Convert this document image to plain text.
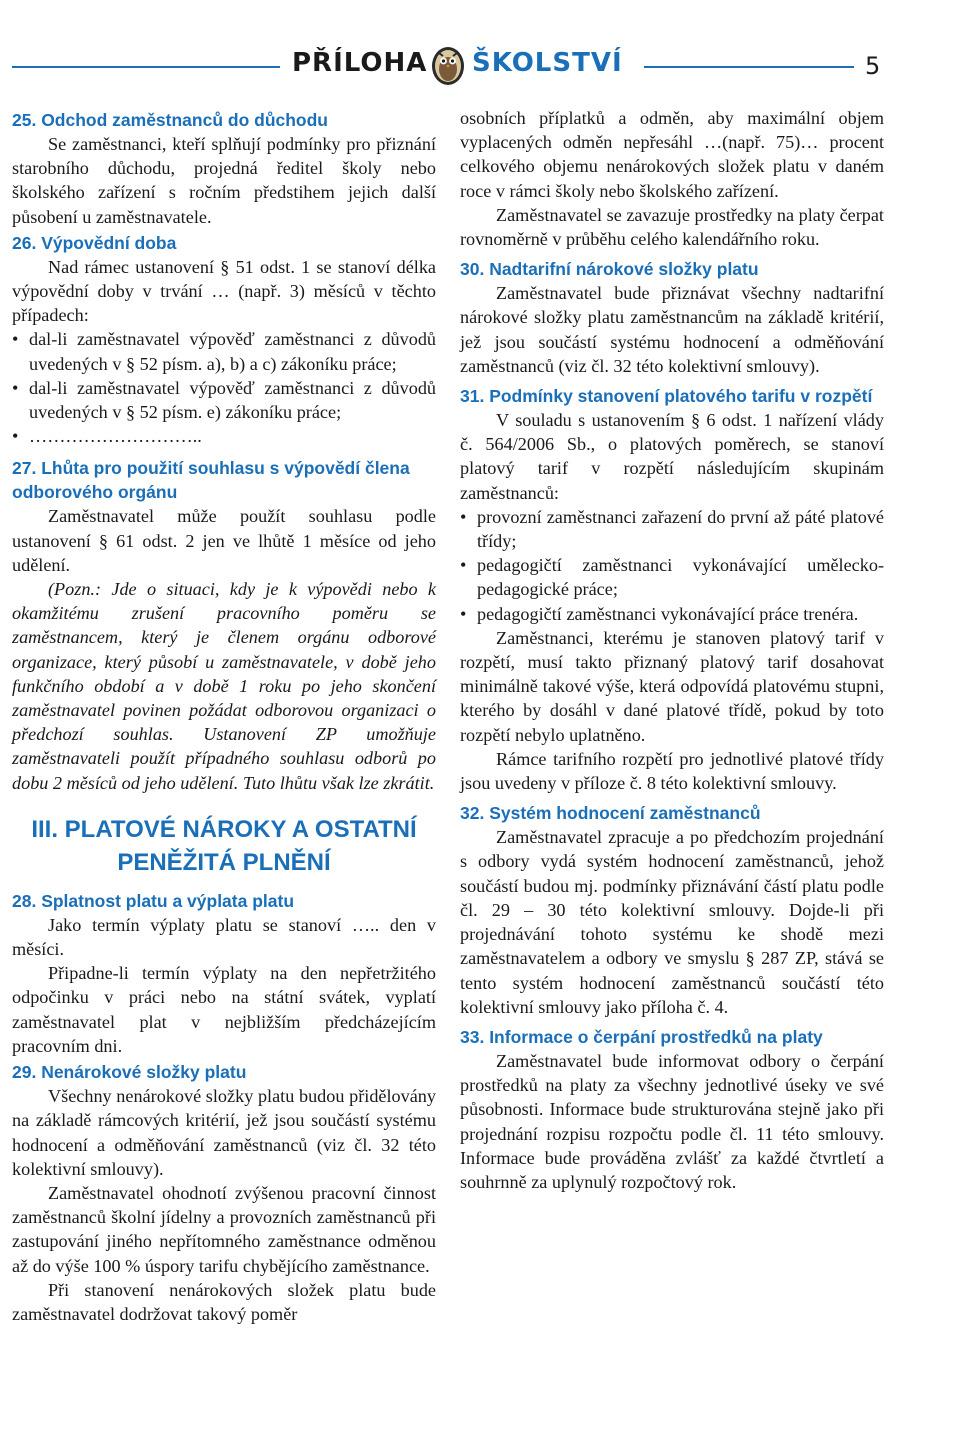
PŘÍLOHA ŠKOLSTVÍ	5
25. Odchod zaměstnanců do důchodu

Se zaměstnanci, kteří splňují podmínky pro přiznání starobního důchodu, projedná ředitel školy nebo školského zařízení s ročním předstihem jejich další působení u zaměstnavatele.

26. Výpovědní doba

Nad rámec ustanovení § 51 odst. 1 se stanoví délka výpovědní doby v trvání … (např. 3) měsíců v těchto případech:

• dal-li zaměstnavatel výpověď zaměstnanci z důvodů uvedených v § 52 písm. a), b) a c) zákoníku práce;
• dal-li zaměstnavatel výpověď zaměstnanci z důvodů uvedených v § 52 písm. e) zákoníku práce;
• ………………………..
27. Lhůta pro použití souhlasu s výpovědí člena odborového orgánu

Zaměstnavatel může použít souhlasu podle ustanovení § 61 odst. 2 jen ve lhůtě 1 měsíce od jeho udělení.

(Pozn.: Jde o situaci, kdy je k výpovědi nebo k okamžitému zrušení pracovního poměru se zaměstnancem, který je členem orgánu odborové organizace, který působí u zaměstnavatele, v době jeho funkčního období a v době 1 roku po jeho skončení zaměstnavatel povinen požádat odborovou organizaci o předchozí souhlas. Ustanovení ZP umožňuje zaměstnavateli použít případného souhlasu odborů po dobu 2 měsíců od jeho udělení. Tuto lhůtu však lze zkrátit.

III. PLATOVÉ NÁROKY A OSTATNÍ
PENĚŽITÁ PLNĚNÍ
28. Splatnost platu a výplata platu

Jako termín výplaty platu se stanoví ….. den v měsíci.

Připadne-li termín výplaty na den nepřetržitého odpočinku v práci nebo na státní svátek, vyplatí zaměstnavatel plat v nejbližším předcházejícím pracovním dni.

29. Nenárokové složky platu

Všechny nenárokové složky platu budou přidělovány na základě rámcových kritérií, jež jsou součástí systému hodnocení a odměňování zaměstnanců (viz čl. 32 této kolektivní smlouvy).

Zaměstnavatel ohodnotí zvýšenou pracovní činnost zaměstnanců školní jídelny a provozních zaměstnanců při zastupování jiného nepřítomného zaměstnance odměnou až do výše 100 % úspory tarifu chybějícího zaměstnance.

Při stanovení nenárokových složek platu bude zaměstnavatel dodržovat takový poměr

osobních příplatků a odměn, aby maximální objem vyplacených odměn nepřesáhl …(např. 75)… procent celkového objemu nenárokových složek platu v daném roce v rámci školy nebo školského zařízení.

Zaměstnavatel se zavazuje prostředky na platy čerpat rovnoměrně v průběhu celého kalendářního roku.

30. Nadtarifní nárokové složky platu

Zaměstnavatel bude přiznávat všechny nadtarifní nárokové složky platu zaměstnancům na základě kritérií, jež jsou součástí systému hodnocení a odměňování zaměstnanců (viz čl. 32 této kolektivní smlouvy).

31. Podmínky stanovení platového tarifu v rozpětí

V souladu s ustanovením § 6 odst. 1 nařízení vlády č. 564/2006 Sb., o platových poměrech, se stanoví platový tarif v rozpětí následujícím skupinám zaměstnanců:

• provozní zaměstnanci zařazení do první až páté platové třídy;
• pedagogičtí zaměstnanci vykonávající umělecko-pedagogické práce;
• pedagogičtí zaměstnanci vykonávající práce trenéra.

Zaměstnanci, kterému je stanoven platový tarif v rozpětí, musí takto přiznaný platový tarif dosahovat minimálně takové výše, která odpovídá platovému stupni, kterého by dosáhl v dané platové třídě, pokud by toto rozpětí nebylo uplatněno.

Rámce tarifního rozpětí pro jednotlivé platové třídy jsou uvedeny v příloze č. 8 této kolektivní smlouvy.

32. Systém hodnocení zaměstnanců

Zaměstnavatel zpracuje a po předchozím projednání s odbory vydá systém hodnocení zaměstnanců, jehož součástí budou mj. podmínky přiznávání částí platu podle čl. 29 – 30 této kolektivní smlouvy. Dojde-li při projednávání tohoto systému ke shodě mezi zaměstnavatelem a odbory ve smyslu § 287 ZP, stává se tento systém hodnocení zaměstnanců součástí této kolektivní smlouvy jako příloha č. 4.

33. Informace o čerpání prostředků na platy

Zaměstnavatel bude informovat odbory o čerpání prostředků na platy za všechny jednotlivé úseky ve své působnosti. Informace bude strukturována stejně jako při projednání rozpisu rozpočtu podle čl. 11 této smlouvy. Informace bude prováděna zvlášť za každé čtvrtletí a souhrnně za uplynulý rozpočtový rok.
